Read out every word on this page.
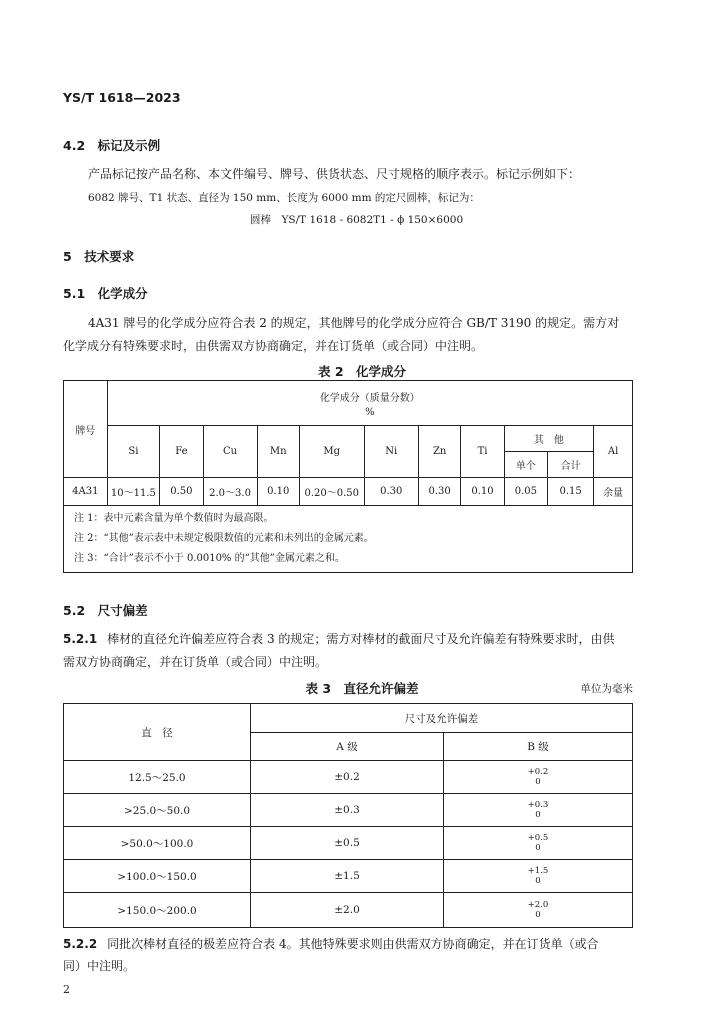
YS/T 1618—2023
4.2　标记及示例
产品标记按产品名称、本文件编号、牌号、供货状态、尺寸规格的顺序表示。标记示例如下：
6082 牌号、T1 状态、直径为 150 mm、长度为 6000 mm 的定尺圆棒，标记为：
圆棒　YS/T 1618 - 6082T1 - ϕ 150×6000
5　技术要求
5.1　化学成分
4A31 牌号的化学成分应符合表 2 的规定，其他牌号的化学成分应符合 GB/T 3190 的规定。需方对
化学成分有特殊要求时，由供需双方协商确定，并在订货单（或合同）中注明。
表 2　化学成分
牌号	化学成分（质量分数）
%										

	Si	Fe	Cu	Mn	Mg	Ni	Zn	Ti	其　他		Al
									单个	合计	
4A31	10～11.5	0.50	2.0～3.0	0.10	0.20～0.50	0.30	0.30	0.10	0.05	0.15	余量

注 1：表中元素含量为单个数值时为最高限。
注 2：“其他”表示表中未规定极限数值的元素和未列出的金属元素。
注 3：“合计”表示不小于 0.0010% 的“其他”金属元素之和。											
5.2　尺寸偏差
5.2.1 棒材的直径允许偏差应符合表 3 的规定；需方对棒材的截面尺寸及允许偏差有特殊要求时，由供
需双方协商确定，并在订货单（或合同）中注明。
表 3　直径允许偏差	单位为毫米
直　径	尺寸及允许偏差	
	A 级	B 级
12.5～25.0	±0.2	+0.2
0

>25.0～50.0	±0.3	+0.3
0

>50.0～100.0	±0.5	+0.5
0

>100.0～150.0	±1.5	+1.5
0

>150.0～200.0	±2.0	+2.0
0
5.2.2 同批次棒材直径的极差应符合表 4。其他特殊要求则由供需双方协商确定，并在订货单（或合
同）中注明。
2
